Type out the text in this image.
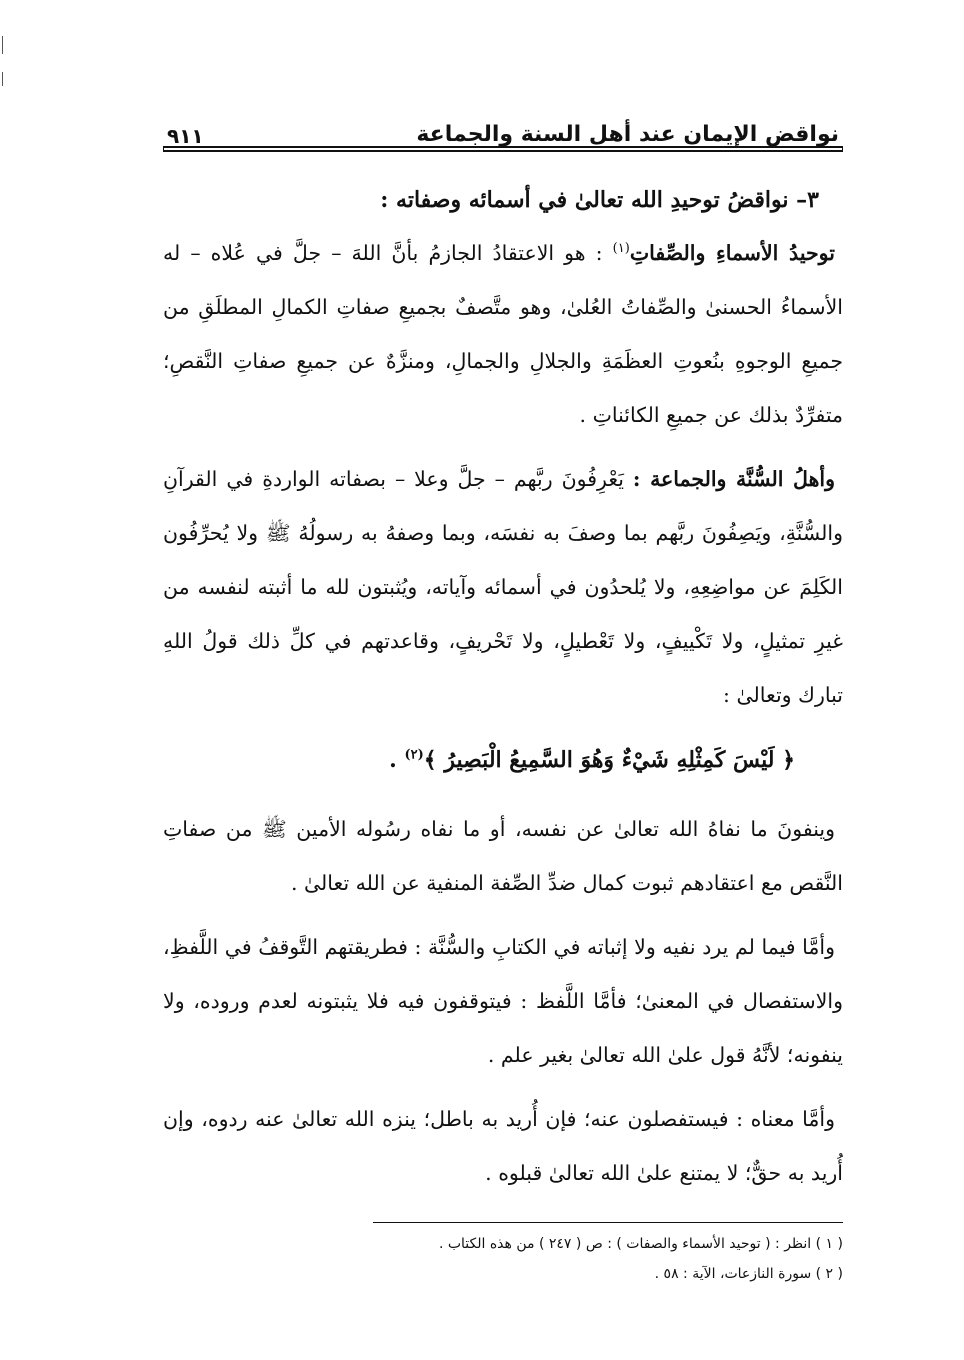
نواقض الإيمان عند أهل السنة والجماعة
٩١١

٣– نواقضُ توحيدِ الله تعالىٰ في أسمائه وصفاته :

توحيدُ الأسماءِ والصِّفاتِ$^{(١)}$ : هو الاعتقادُ الجازمُ بأنَّ اللهَ – جلَّ في عُلاه – له الأسماءُ الحسنىٰ والصِّفاتُ العُلىٰ، وهو متَّصفٌ بجميعِ صفاتِ الكمالِ المطلَقِ من جميعِ الوجوهِ بنُعوتِ العظَمَةِ والجلالِ والجمالِ، ومنزَّهٌ عن جميعِ صفاتِ النَّقصِ؛ متفرِّدٌ بذلك عن جميعِ الكائناتِ .

وأهلُ السُّنَّة والجماعة : يَعْرِفُونَ ربَّهم – جلَّ وعلا – بصفاته الواردةِ في القرآنِ والسُّنَّةِ، ويَصِفُونَ ربَّهم بما وصفَ به نفسَه، وبما وصفهُ به رسولُهُ ﷺ ولا يُحرِّفُون الكَلِمَ عن مواضِعِهِ، ولا يُلحدُون في أسمائه وآياته، ويُثبتون لله ما أثبته لنفسه من غيرِ تمثيلٍ، ولا تَكْييفٍ، ولا تَعْطيلٍ، ولا تَحْريفٍ، وقاعدتهم في كلِّ ذلك قولُ اللهِ تبارك وتعالىٰ :

﴿ لَيْسَ كَمِثْلِهِ شَيْءٌ وَهُوَ السَّمِيعُ الْبَصِيرُ ﴾$^{(٢)}$ .

وينفونَ ما نفاهُ الله تعالىٰ عن نفسه، أو ما نفاه رسُوله الأمين ﷺ من صفاتِ النَّقص مع اعتقادهم ثبوت كمال ضدِّ الصِّفة المنفية عن الله تعالىٰ .

وأمَّا فيما لم يرد نفيه ولا إثباته في الكتابِ والسُّنَّة : فطريقتهم التَّوقفُ في اللَّفظِ، والاستفصال في المعنىٰ؛ فأمَّا اللَّفظ : فيتوقفون فيه فلا يثبتونه لعدم وروده، ولا ينفونه؛ لأنَّهُ قول علىٰ الله تعالىٰ بغير علم .

وأمَّا معناه : فيستفصلون عنه؛ فإن أُريد به باطل؛ ينزه الله تعالىٰ عنه ردوه، وإن أُريد به حقٌّ؛ لا يمتنع علىٰ الله تعالىٰ قبلوه .

( ١ ) انظر : ( توحيد الأسماء والصفات ) : ص ( ٢٤٧ ) من هذه الكتاب .

( ٢ ) سورة النازعات، الآية : ٥٨ .
